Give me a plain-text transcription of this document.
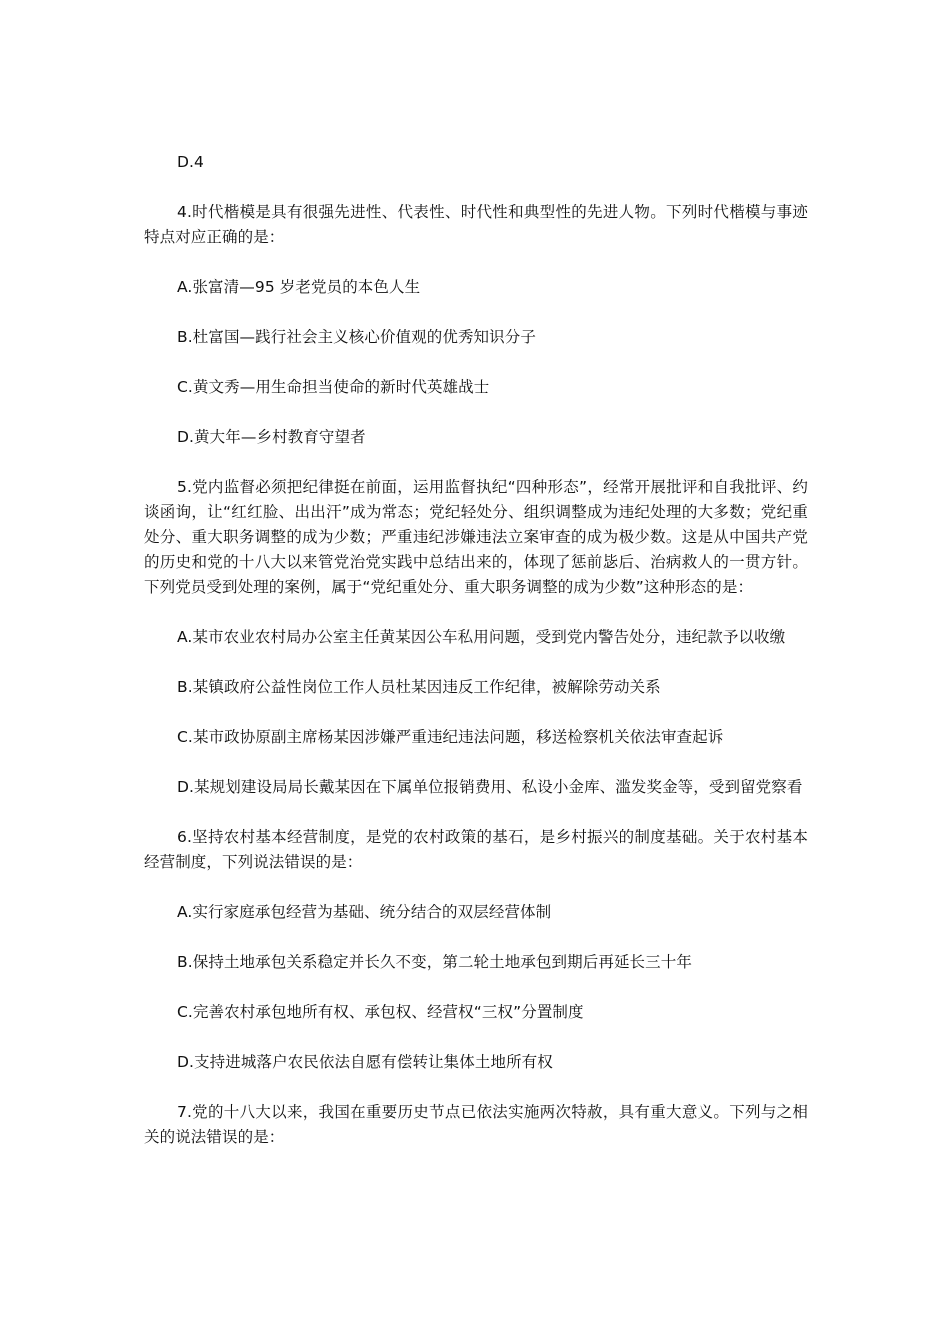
D.4

4.时代楷模是具有很强先进性、代表性、时代性和典型性的先进人物。下列时代楷模与事迹特点对应正确的是：

A.张富清—95 岁老党员的本色人生

B.杜富国—践行社会主义核心价值观的优秀知识分子

C.黄文秀—用生命担当使命的新时代英雄战士

D.黄大年—乡村教育守望者

5.党内监督必须把纪律挺在前面，运用监督执纪“四种形态”，经常开展批评和自我批评、约谈函询，让“红红脸、出出汗”成为常态；党纪轻处分、组织调整成为违纪处理的大多数；党纪重处分、重大职务调整的成为少数；严重违纪涉嫌违法立案审查的成为极少数。这是从中国共产党的历史和党的十八大以来管党治党实践中总结出来的，体现了惩前毖后、治病救人的一贯方针。下列党员受到处理的案例，属于“党纪重处分、重大职务调整的成为少数”这种形态的是：

A.某市农业农村局办公室主任黄某因公车私用问题，受到党内警告处分，违纪款予以收缴

B.某镇政府公益性岗位工作人员杜某因违反工作纪律，被解除劳动关系

C.某市政协原副主席杨某因涉嫌严重违纪违法问题，移送检察机关依法审查起诉

D.某规划建设局局长戴某因在下属单位报销费用、私设小金库、滥发奖金等，受到留党察看

6.坚持农村基本经营制度，是党的农村政策的基石，是乡村振兴的制度基础。关于农村基本经营制度，下列说法错误的是：

A.实行家庭承包经营为基础、统分结合的双层经营体制

B.保持土地承包关系稳定并长久不变，第二轮土地承包到期后再延长三十年

C.完善农村承包地所有权、承包权、经营权“三权”分置制度

D.支持进城落户农民依法自愿有偿转让集体土地所有权

7.党的十八大以来，我国在重要历史节点已依法实施两次特赦，具有重大意义。下列与之相关的说法错误的是：
